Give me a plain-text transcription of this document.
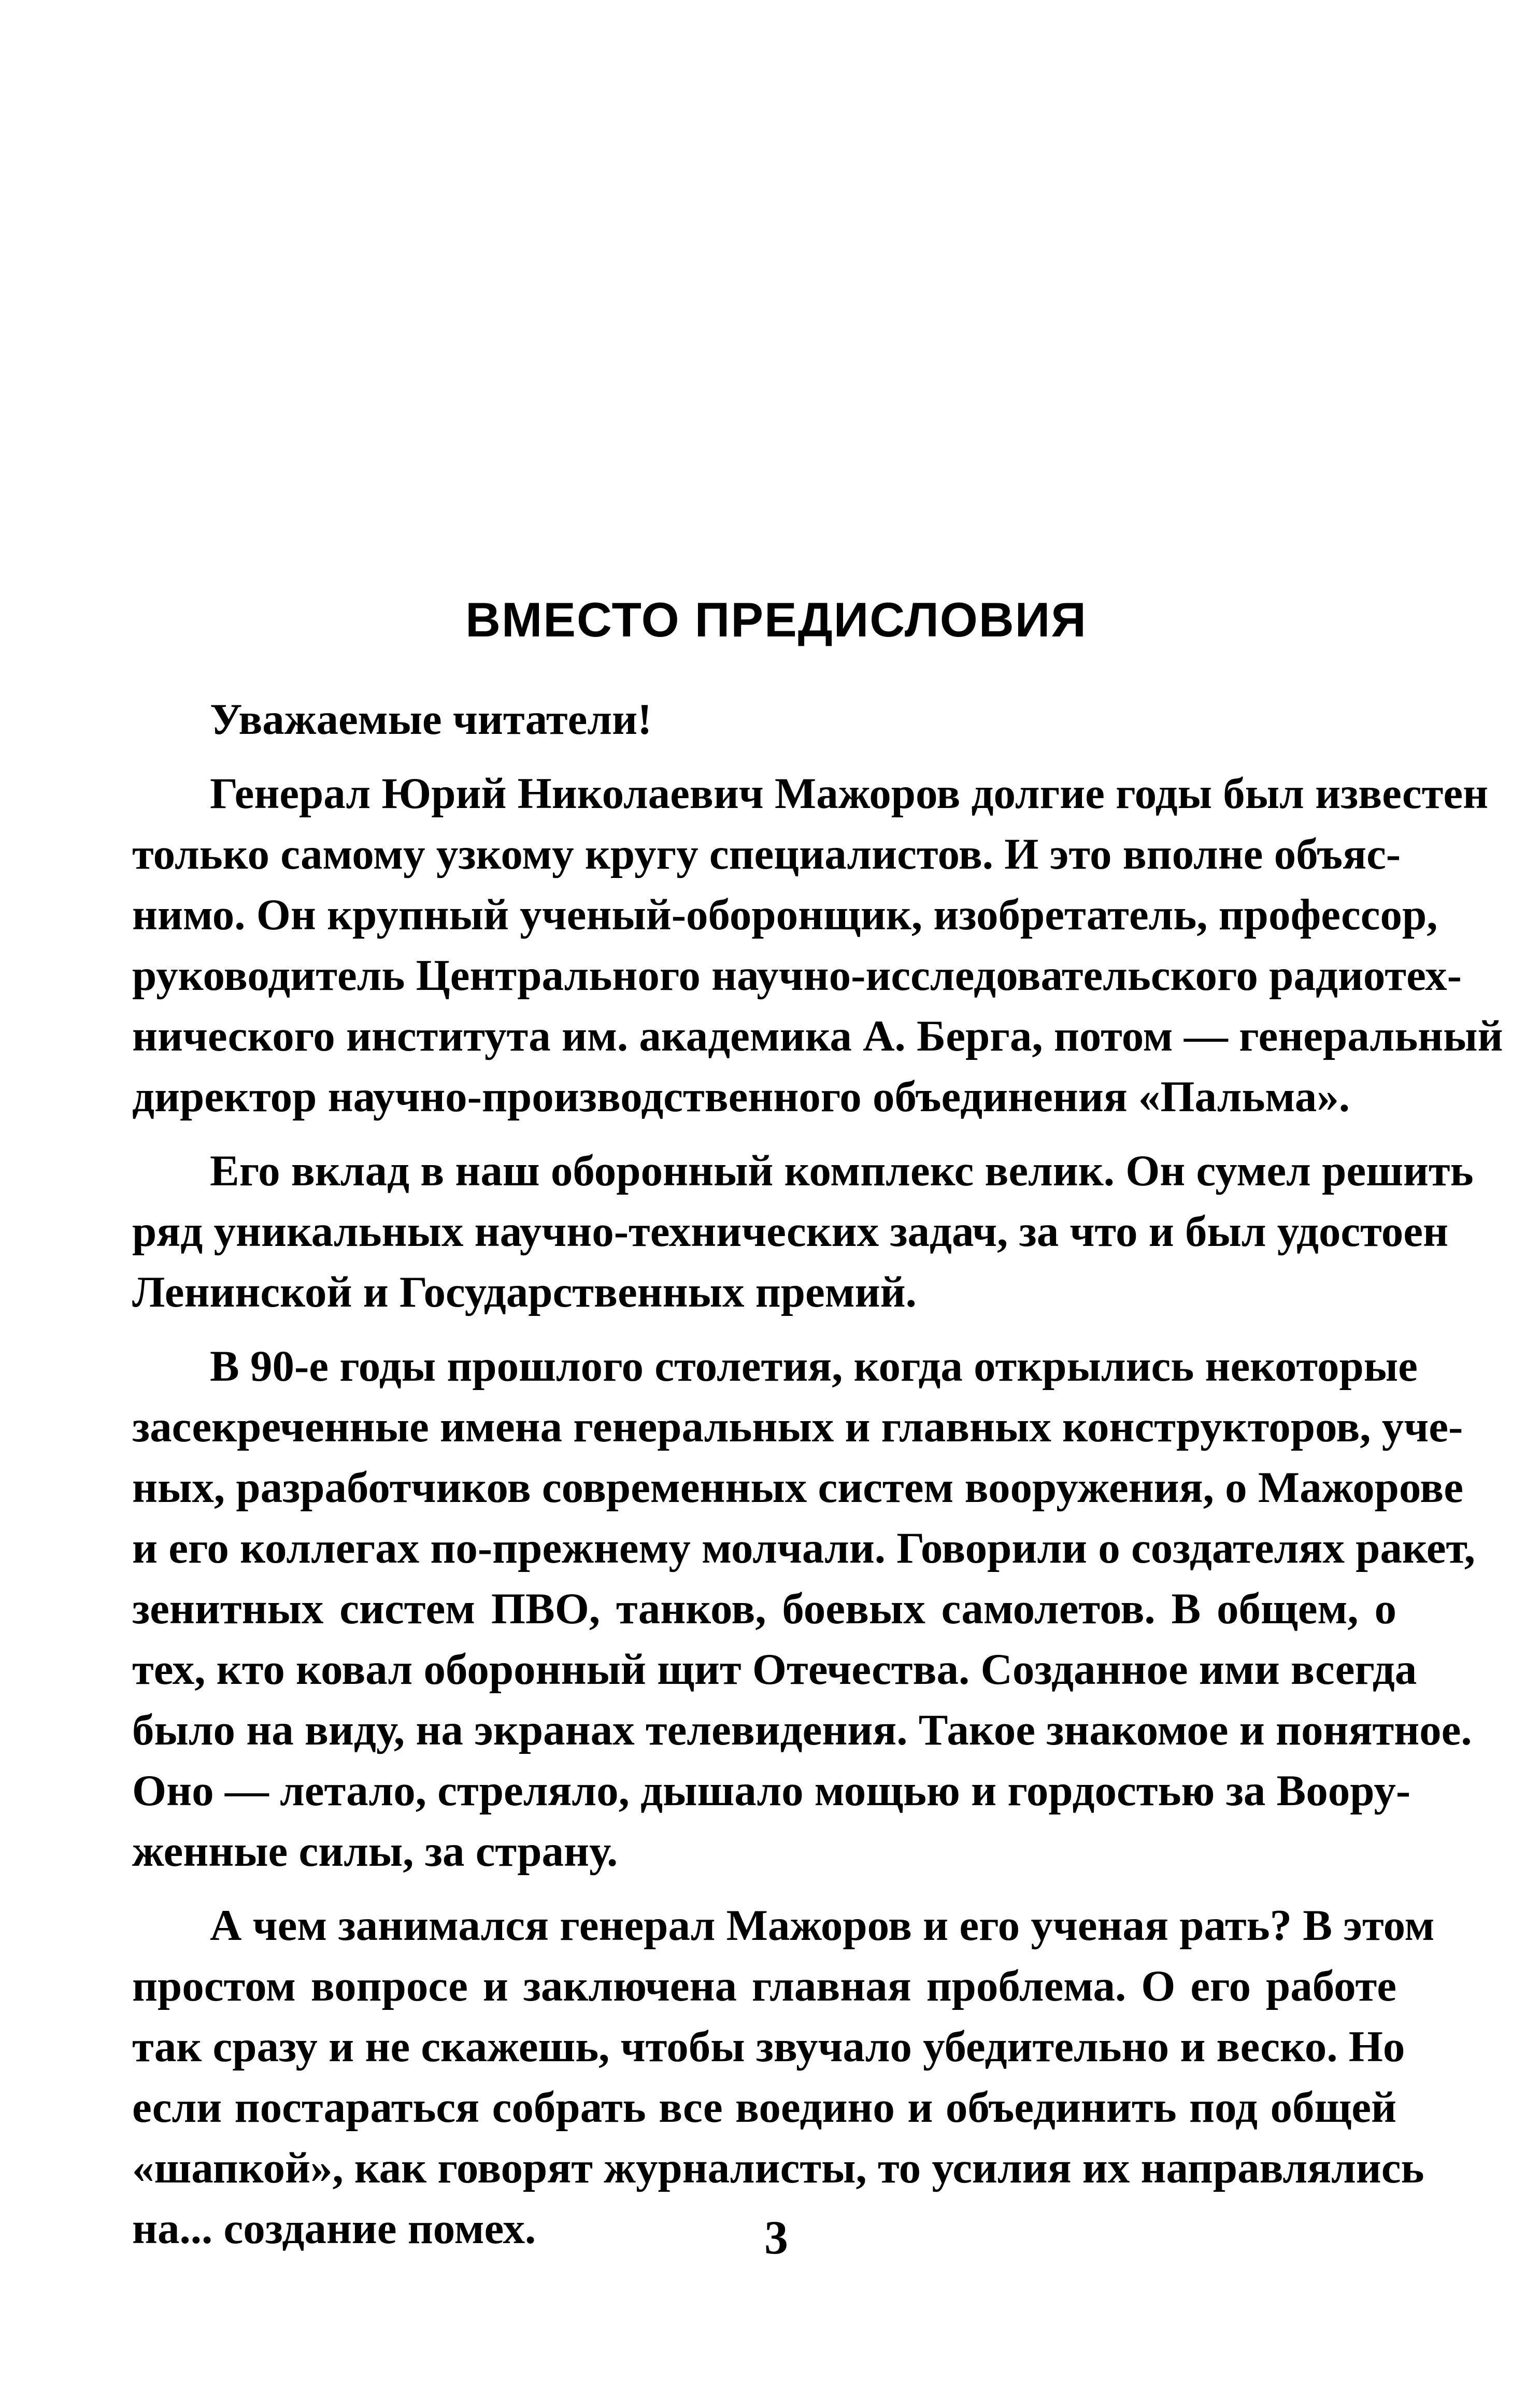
ВМЕСТО ПРЕДИСЛОВИЯ
Уважаемые читатели!
Генерал Юрий Николаевич Мажоров долгие годы был известен
только самому узкому кругу специалистов. И это вполне объяс-
нимо. Он крупный ученый-оборонщик, изобретатель, профессор,
руководитель Центрального научно-исследовательского радиотех-
нического института им. академика А. Берга, потом — генеральный
директор научно-производственного объединения «Пальма».
Его вклад в наш оборонный комплекс велик. Он сумел решить
ряд уникальных научно-технических задач, за что и был удостоен
Ленинской и Государственных премий.
В 90-е годы прошлого столетия, когда открылись некоторые
засекреченные имена генеральных и главных конструкторов, уче-
ных, разработчиков современных систем вооружения, о Мажорове
и его коллегах по-прежнему молчали. Говорили о создателях ракет,
зенитных систем ПВО, танков, боевых самолетов. В общем, о
тех, кто ковал оборонный щит Отечества. Созданное ими всегда
было на виду, на экранах телевидения. Такое знакомое и понятное.
Оно — летало, стреляло, дышало мощью и гордостью за Воору-
женные силы, за страну.
А чем занимался генерал Мажоров и его ученая рать? В этом
простом вопросе и заключена главная проблема. О его работе
так сразу и не скажешь, чтобы звучало убедительно и веско. Но
если постараться собрать все воедино и объединить под общей
«шапкой», как говорят журналисты, то усилия их направлялись
на... создание помех.	3
